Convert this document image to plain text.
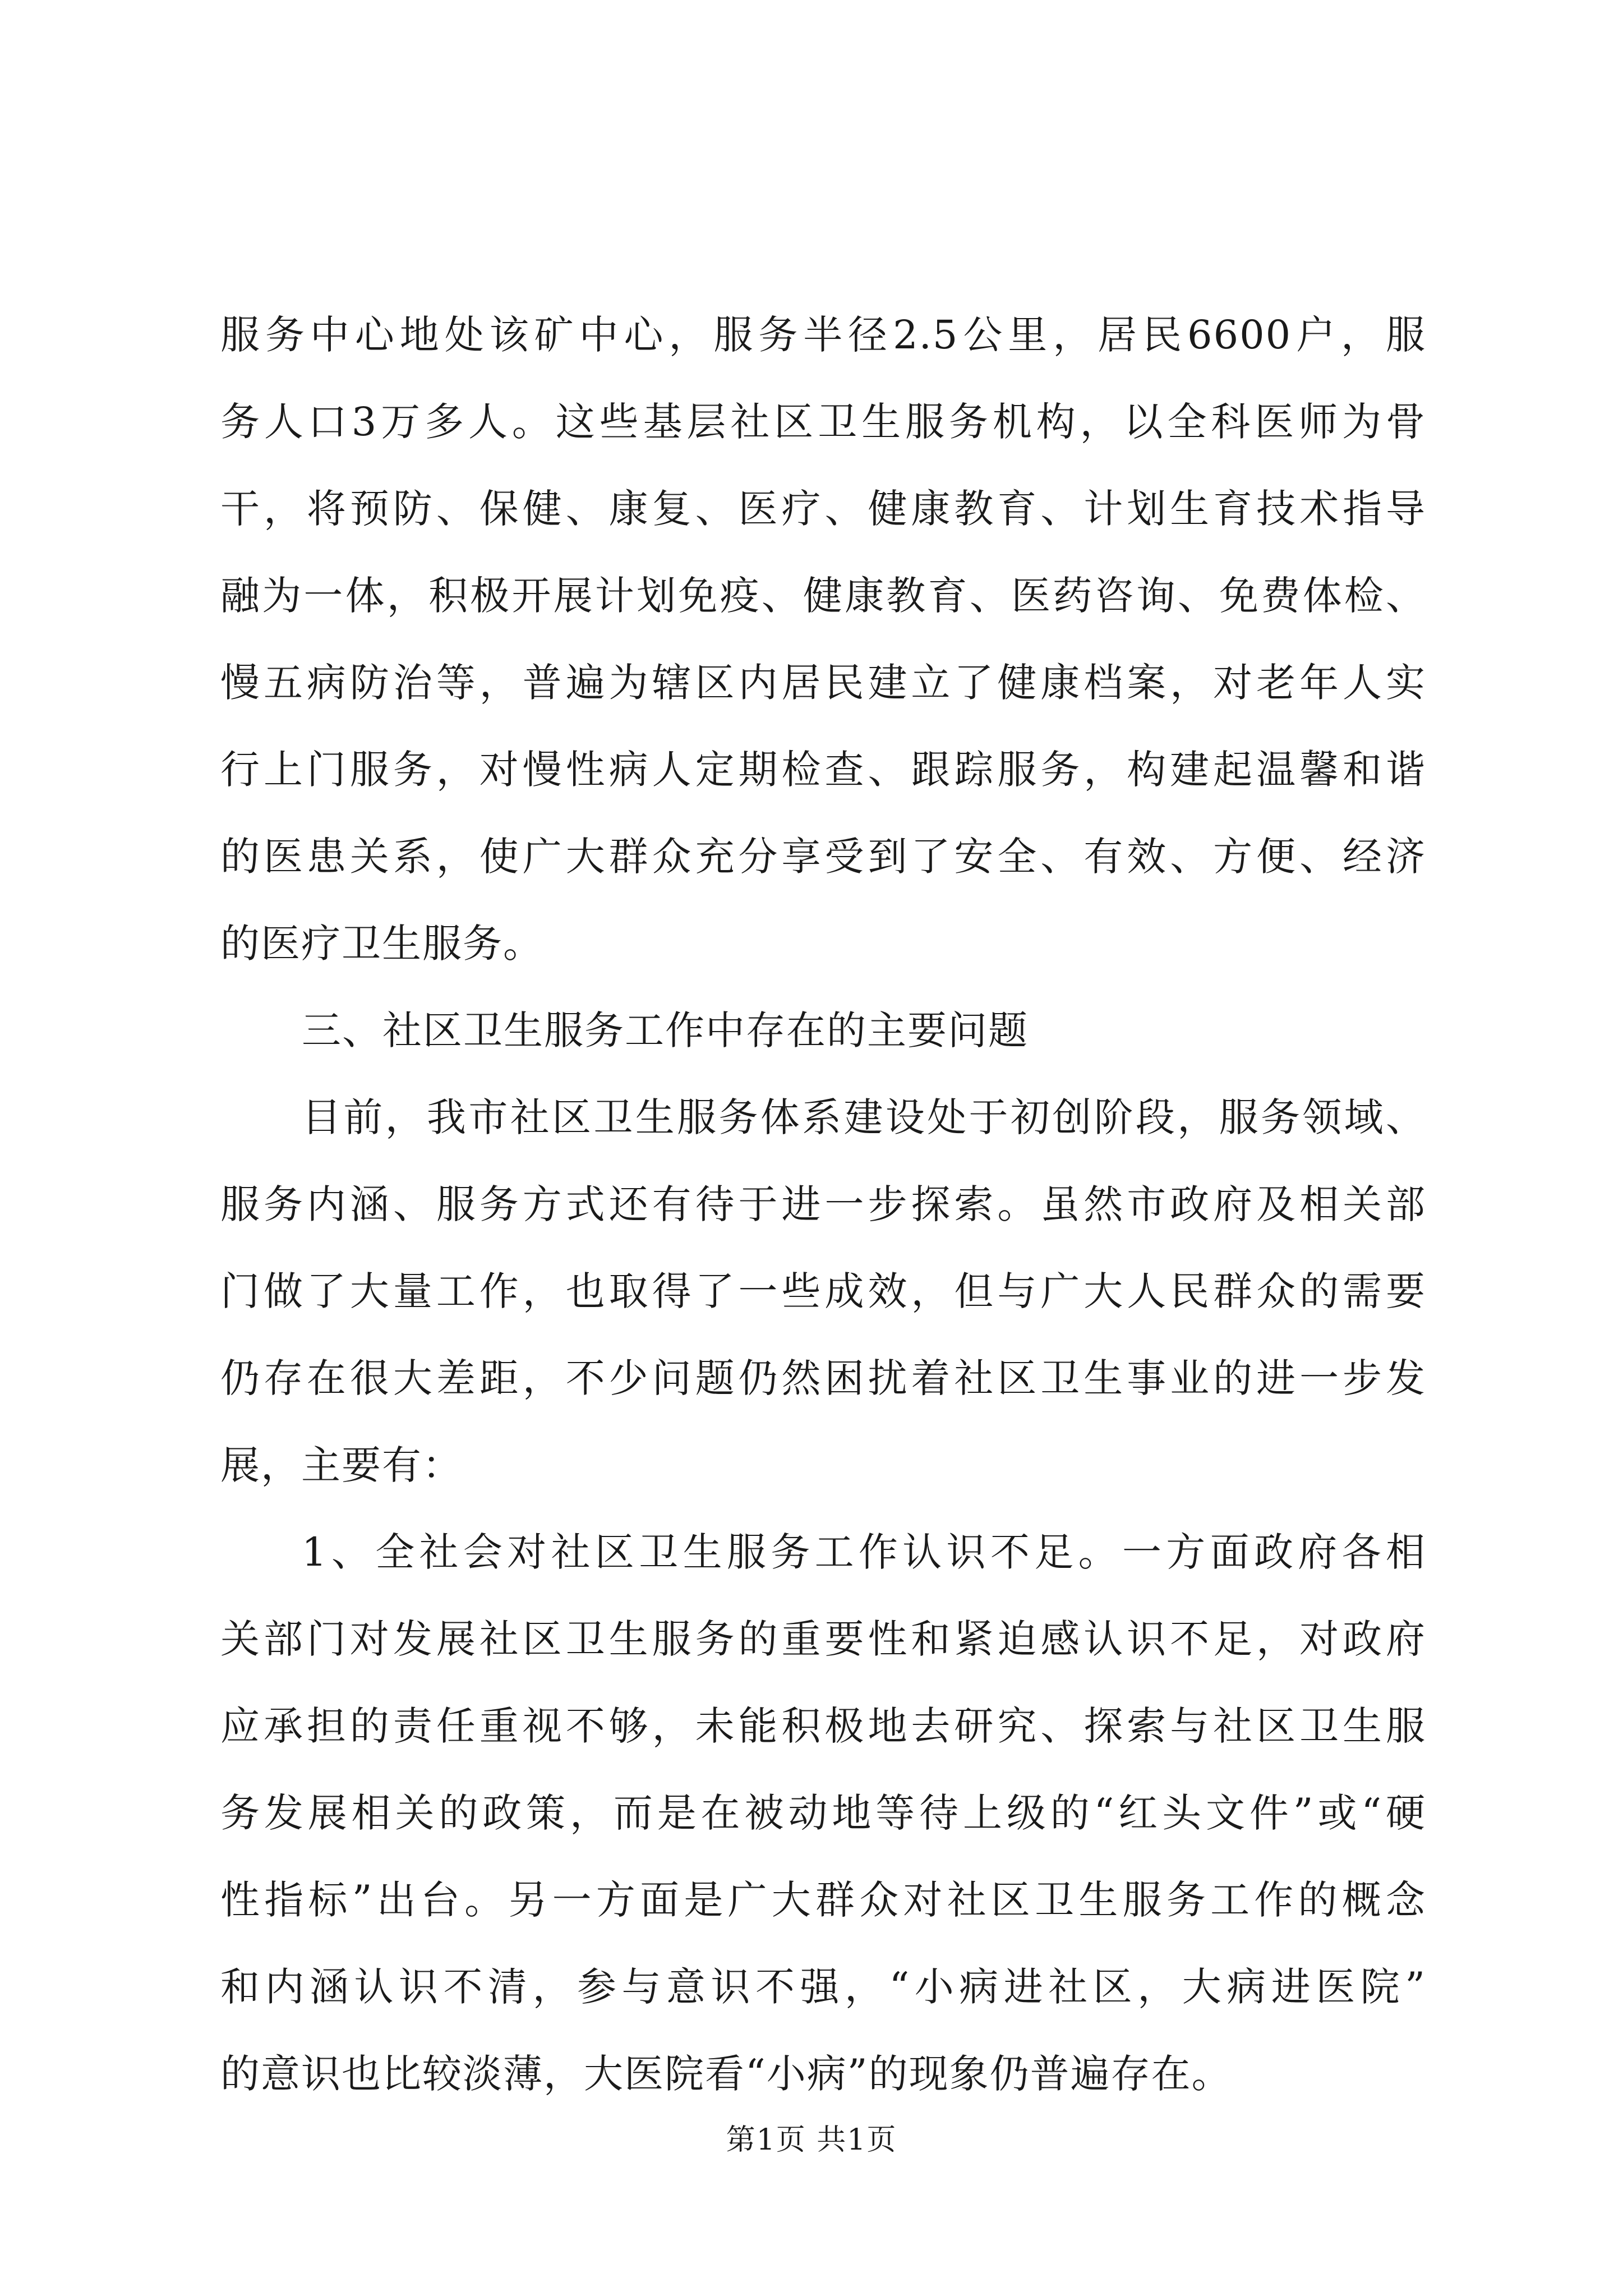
服务中心地处该矿中心，服务半径2.5公里，居民6600户，服
务人口3万多人。这些基层社区卫生服务机构，以全科医师为骨
干，将预防、保健、康复、医疗、健康教育、计划生育技术指导
融为一体，积极开展计划免疫、健康教育、医药咨询、免费体检、
慢五病防治等，普遍为辖区内居民建立了健康档案，对老年人实
行上门服务，对慢性病人定期检查、跟踪服务，构建起温馨和谐
的医患关系，使广大群众充分享受到了安全、有效、方便、经济
的医疗卫生服务。
三、社区卫生服务工作中存在的主要问题
目前，我市社区卫生服务体系建设处于初创阶段，服务领域、
服务内涵、服务方式还有待于进一步探索。虽然市政府及相关部
门做了大量工作，也取得了一些成效，但与广大人民群众的需要
仍存在很大差距，不少问题仍然困扰着社区卫生事业的进一步发
展，主要有：
1、全社会对社区卫生服务工作认识不足。一方面政府各相
关部门对发展社区卫生服务的重要性和紧迫感认识不足，对政府
应承担的责任重视不够，未能积极地去研究、探索与社区卫生服
务发展相关的政策，而是在被动地等待上级的“红头文件”或“硬
性指标”出台。另一方面是广大群众对社区卫生服务工作的概念
和内涵认识不清，参与意识不强，“小病进社区，大病进医院”
的意识也比较淡薄，大医院看“小病”的现象仍普遍存在。
第1页 共1页
